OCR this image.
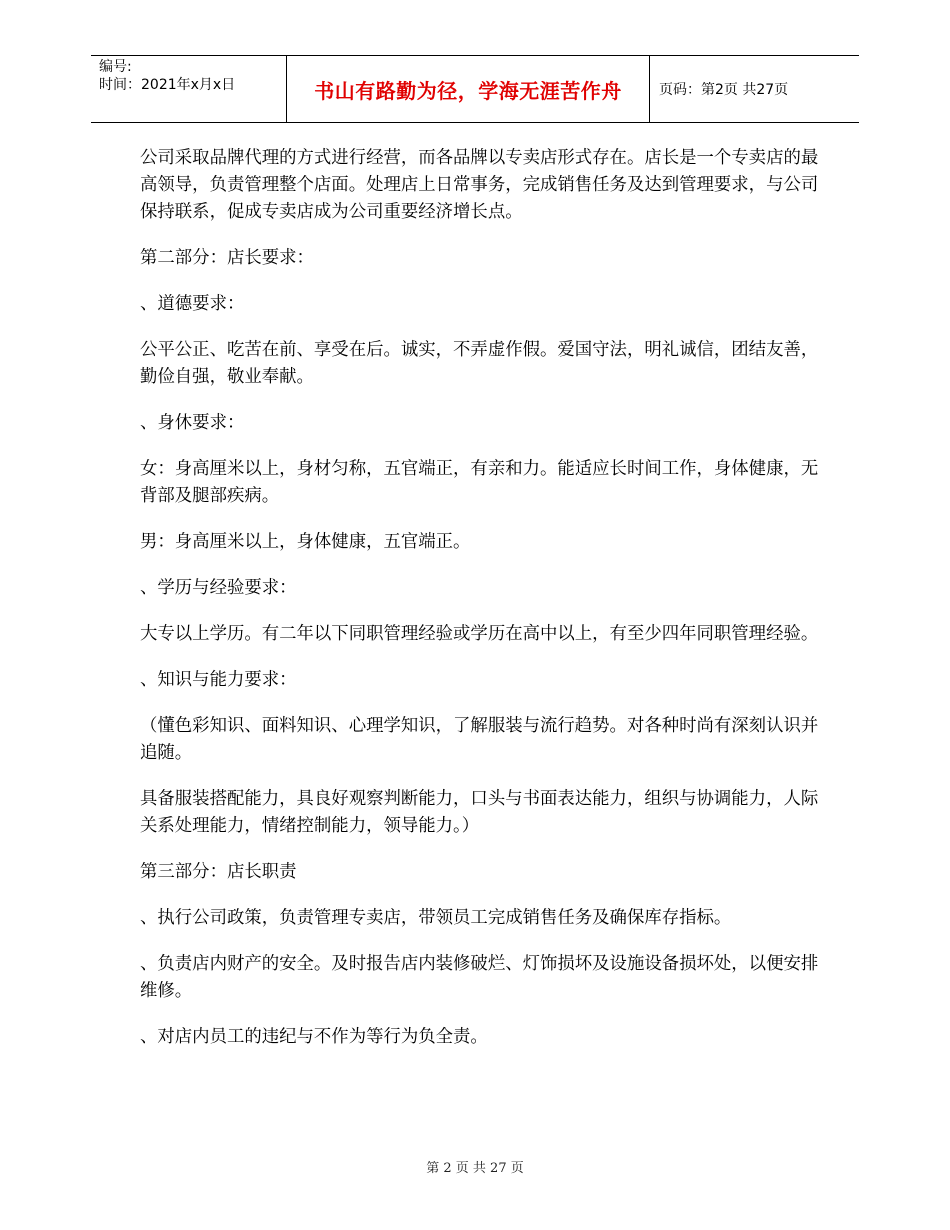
编号:
时间：2021年x月x日	书山有路勤为径，学海无涯苦作舟	页码：第2页 共27页

公司采取品牌代理的方式进行经营，而各品牌以专卖店形式存在。店长是一个专卖店的最高领导，负责管理整个店面。处理店上日常事务，完成销售任务及达到管理要求，与公司保持联系，促成专卖店成为公司重要经济增长点。

第二部分：店长要求：

、道德要求：

公平公正、吃苦在前、享受在后。诚实，不弄虚作假。爱国守法，明礼诚信，团结友善，勤俭自强，敬业奉献。

、身休要求：

女：身高厘米以上，身材匀称，五官端正，有亲和力。能适应长时间工作，身体健康，无背部及腿部疾病。

男：身高厘米以上，身体健康，五官端正。

、学历与经验要求：

大专以上学历。有二年以下同职管理经验或学历在高中以上，有至少四年同职管理经验。

、知识与能力要求：

（懂色彩知识、面料知识、心理学知识，了解服装与流行趋势。对各种时尚有深刻认识并 追随。

具备服装搭配能力，具良好观察判断能力，口头与书面表达能力，组织与协调能力，人际关系处理能力，情绪控制能力，领导能力。）

第三部分：店长职责

、执行公司政策，负责管理专卖店，带领员工完成销售任务及确保库存指标。

、负责店内财产的安全。及时报告店内装修破烂、灯饰损坏及设施设备损坏处，以便安排维修。

、对店内员工的违纪与不作为等行为负全责。

第 2 页 共 27 页
